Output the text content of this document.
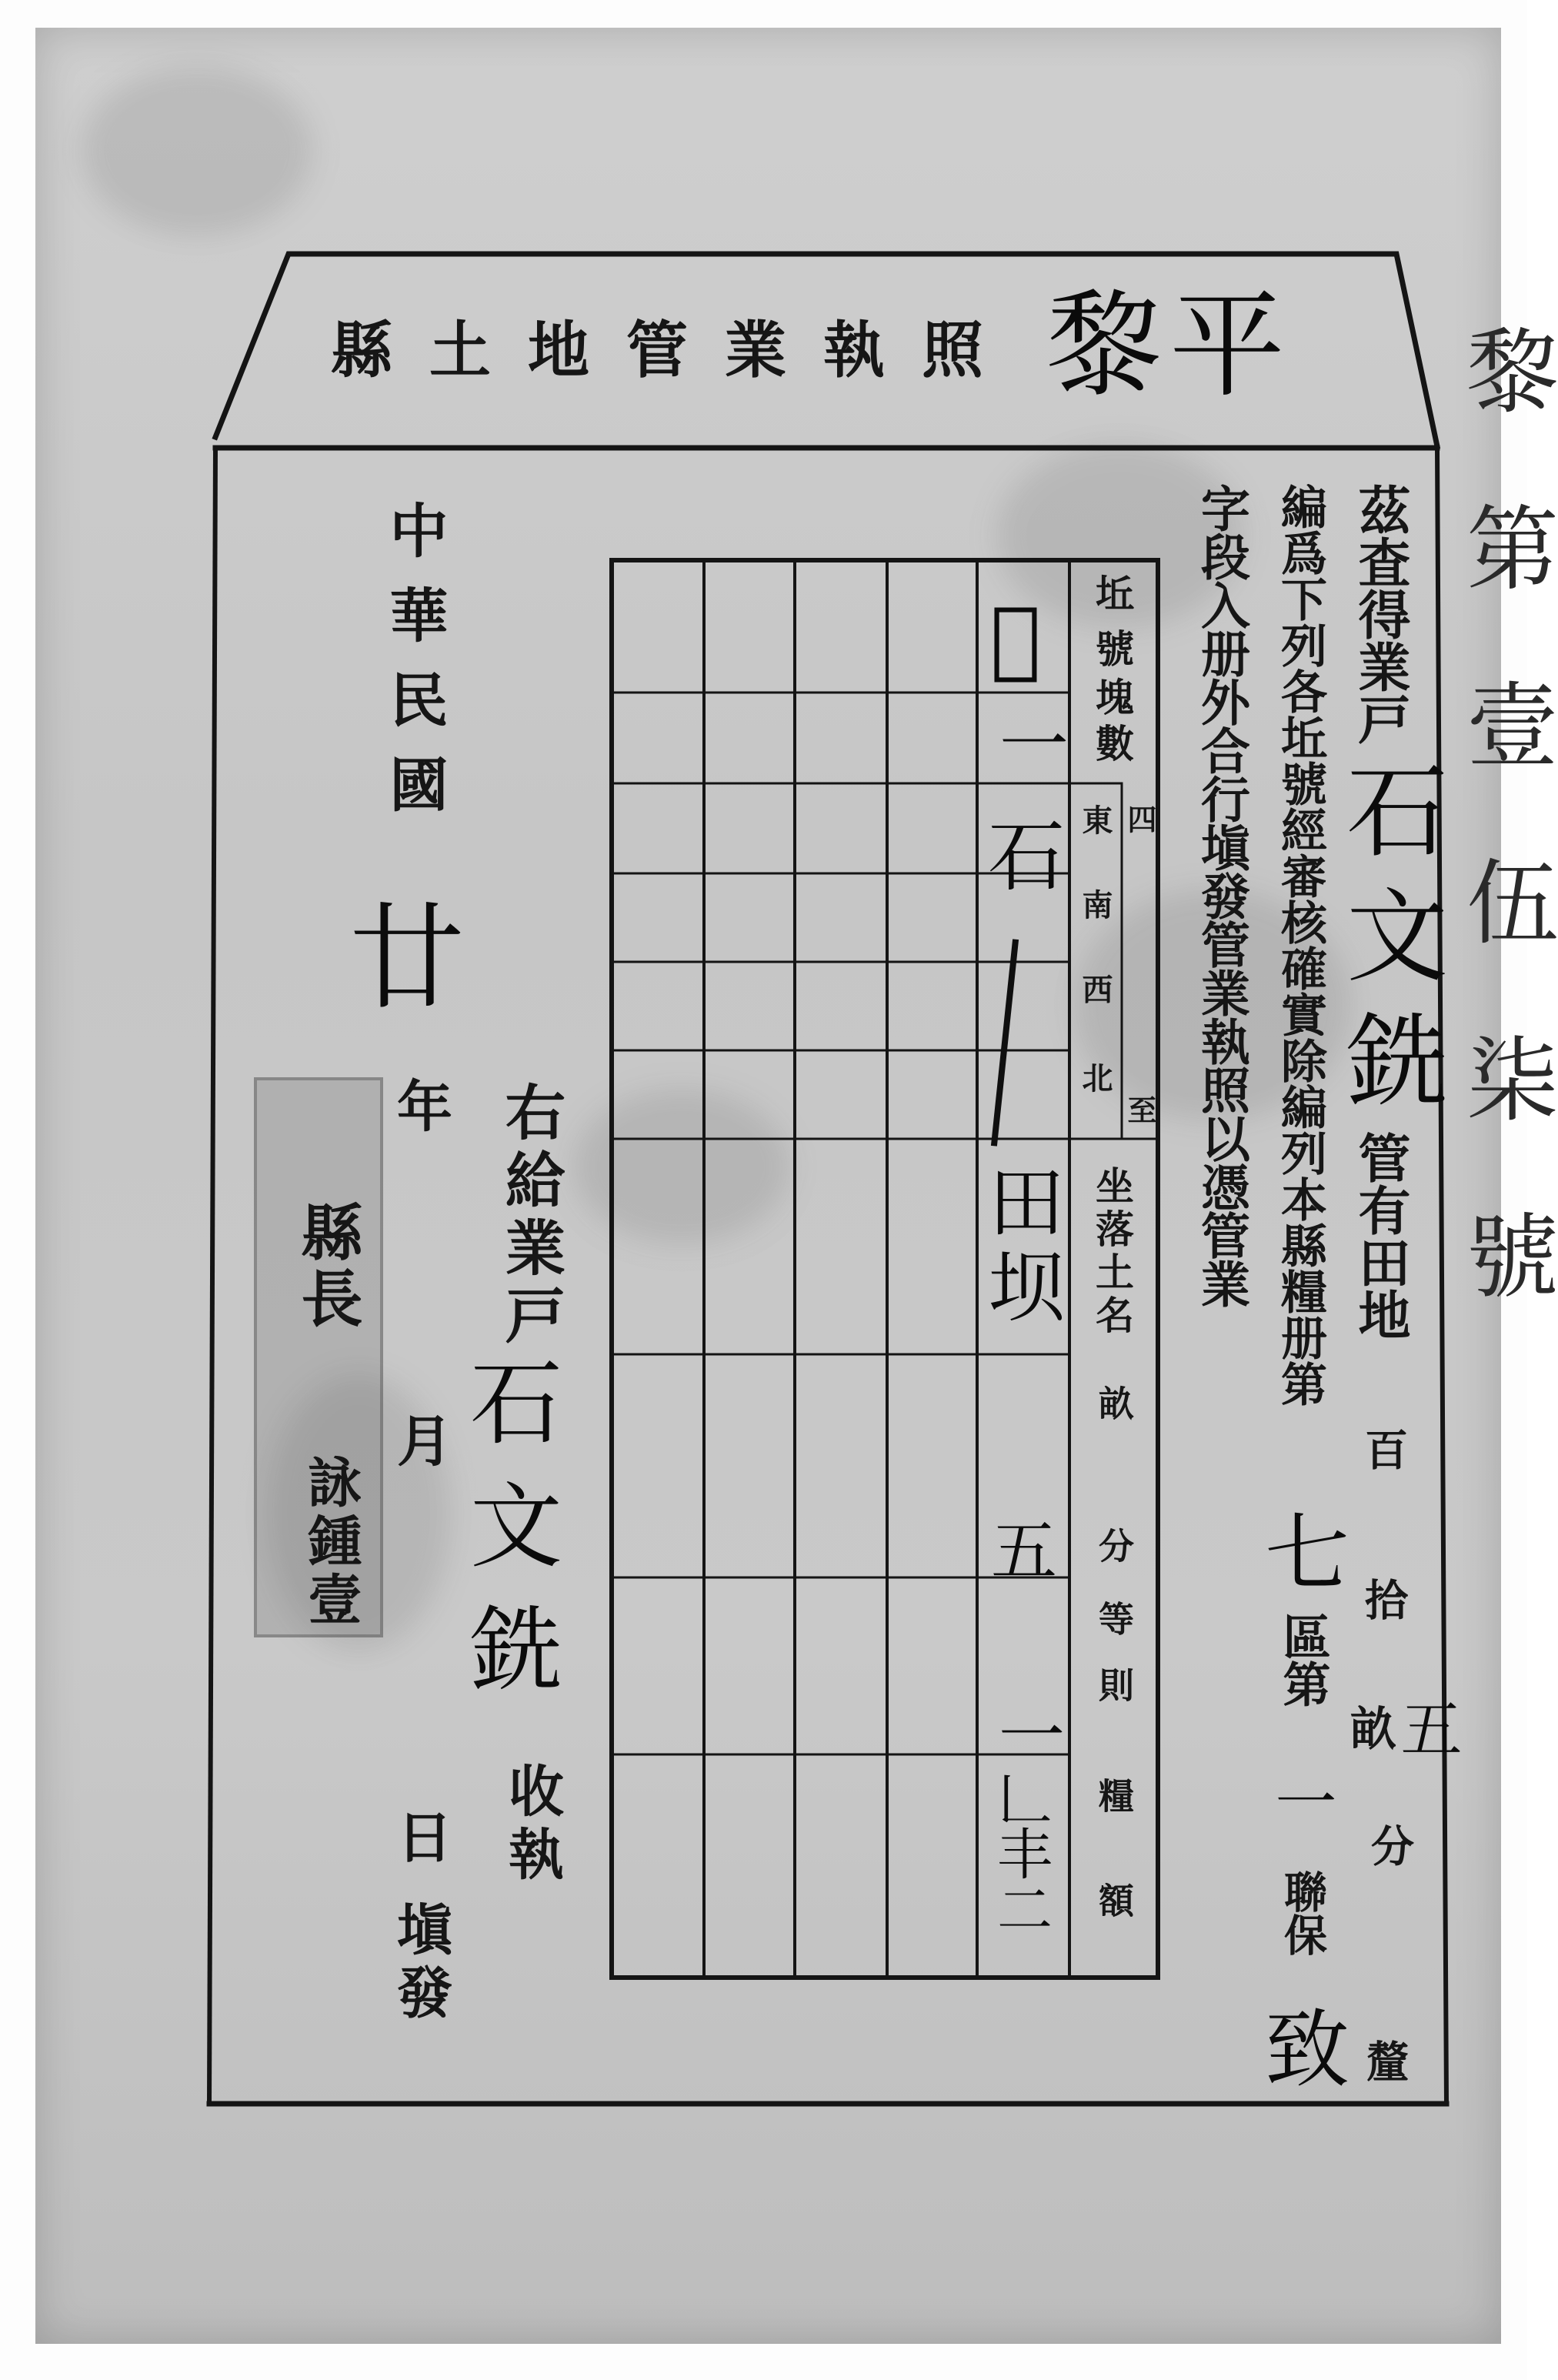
縣土地管業執照 黎平
茲査得業戸
石文銑
管有田地
百
拾
畝
五
分
釐
編爲下列各坵號經審核確實除編列本縣糧册第
七
區第
一
聯保
致
字段入册外合行塡發管業執照以憑管業
坵號
塊數
四至
東
南
西
北
坐落土名
畝
分
等則
糧額
𦫧
一
石
田坝
五
一
𠃊丰二
中華民國
廿
年
月
日
塡發
縣長
詠鍾壹
右給業戸
石文銑
收執
黎第壹伍柒號
